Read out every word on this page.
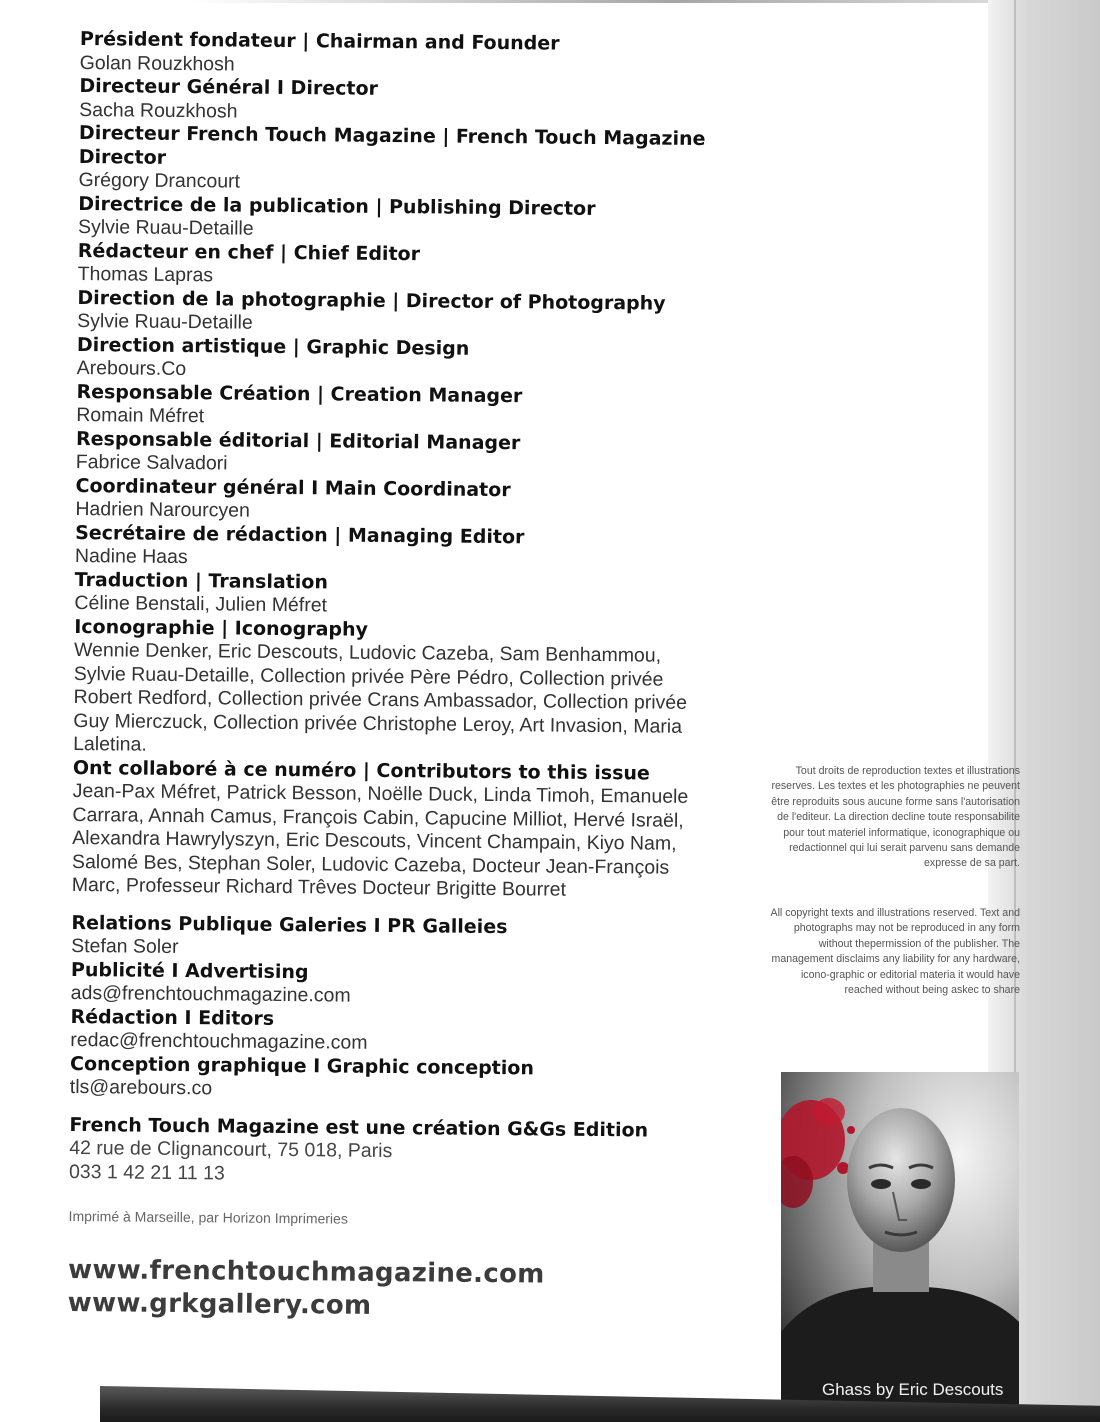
Président fondateur | Chairman and Founder
Golan Rouzkhosh
Directeur Général I Director
Sacha Rouzkhosh
Directeur French Touch Magazine | French Touch Magazine Director
Grégory Drancourt
Directrice de la publication | Publishing Director
Sylvie Ruau-Detaille
Rédacteur en chef | Chief Editor
Thomas Lapras
Direction de la photographie | Director of Photography
Sylvie Ruau-Detaille
Direction artistique | Graphic Design
Arebours.Co
Responsable Création | Creation Manager
Romain Méfret
Responsable éditorial | Editorial Manager
Fabrice Salvadori
Coordinateur général I Main Coordinator
Hadrien Narourcyen
Secrétaire de rédaction | Managing Editor
Nadine Haas
Traduction | Translation
Céline Benstali, Julien Méfret
Iconographie | Iconography
Wennie Denker, Eric Descouts, Ludovic Cazeba, Sam Benhammou, Sylvie Ruau-Detaille, Collection privée Père Pédro, Collection privée Robert Redford, Collection privée Crans Ambassador, Collection privée Guy Mierczuck, Collection privée Christophe Leroy, Art Invasion, Maria Laletina.
Ont collaboré à ce numéro | Contributors to this issue
Jean-Pax Méfret, Patrick Besson, Noëlle Duck, Linda Timoh, Emanuele Carrara, Annah Camus, François Cabin, Capucine Milliot, Hervé Israël, Alexandra Hawrylyszyn, Eric Descouts, Vincent Champain, Kiyo Nam, Salomé Bes, Stephan Soler, Ludovic Cazeba, Docteur Jean-François Marc, Professeur Richard Trêves Docteur Brigitte Bourret
Relations Publique Galeries I PR Galleies
Stefan Soler
Publicité I Advertising
ads@frenchtouchmagazine.com
Rédaction I Editors
redac@frenchtouchmagazine.com
Conception graphique I Graphic conception
tls@arebours.co
French Touch Magazine est une création G&Gs Edition
42 rue de Clignancourt, 75 018, Paris
033 1 42 21 11 13
Imprimé à Marseille, par Horizon Imprimeries
www.frenchtouchmagazine.com
www.grkgallery.com
Tout droits de reproduction textes et illustrations reserves. Les textes et les photographies ne peuvent être reproduits sous aucune forme sans l'autorisation de l'editeur. La direction decline toute responsabilite pour tout materiel informatique, iconographique ou redactionnel qui lui serait parvenu sans demande expresse de sa part.
All copyright texts and illustrations reserved. Text and photographs may not be reproduced in any form without thepermission of the publisher. The management disclaims any liability for any hardware, icono-graphic or editorial materia it would have reached without being askec to share
Ghass by Eric Descouts
